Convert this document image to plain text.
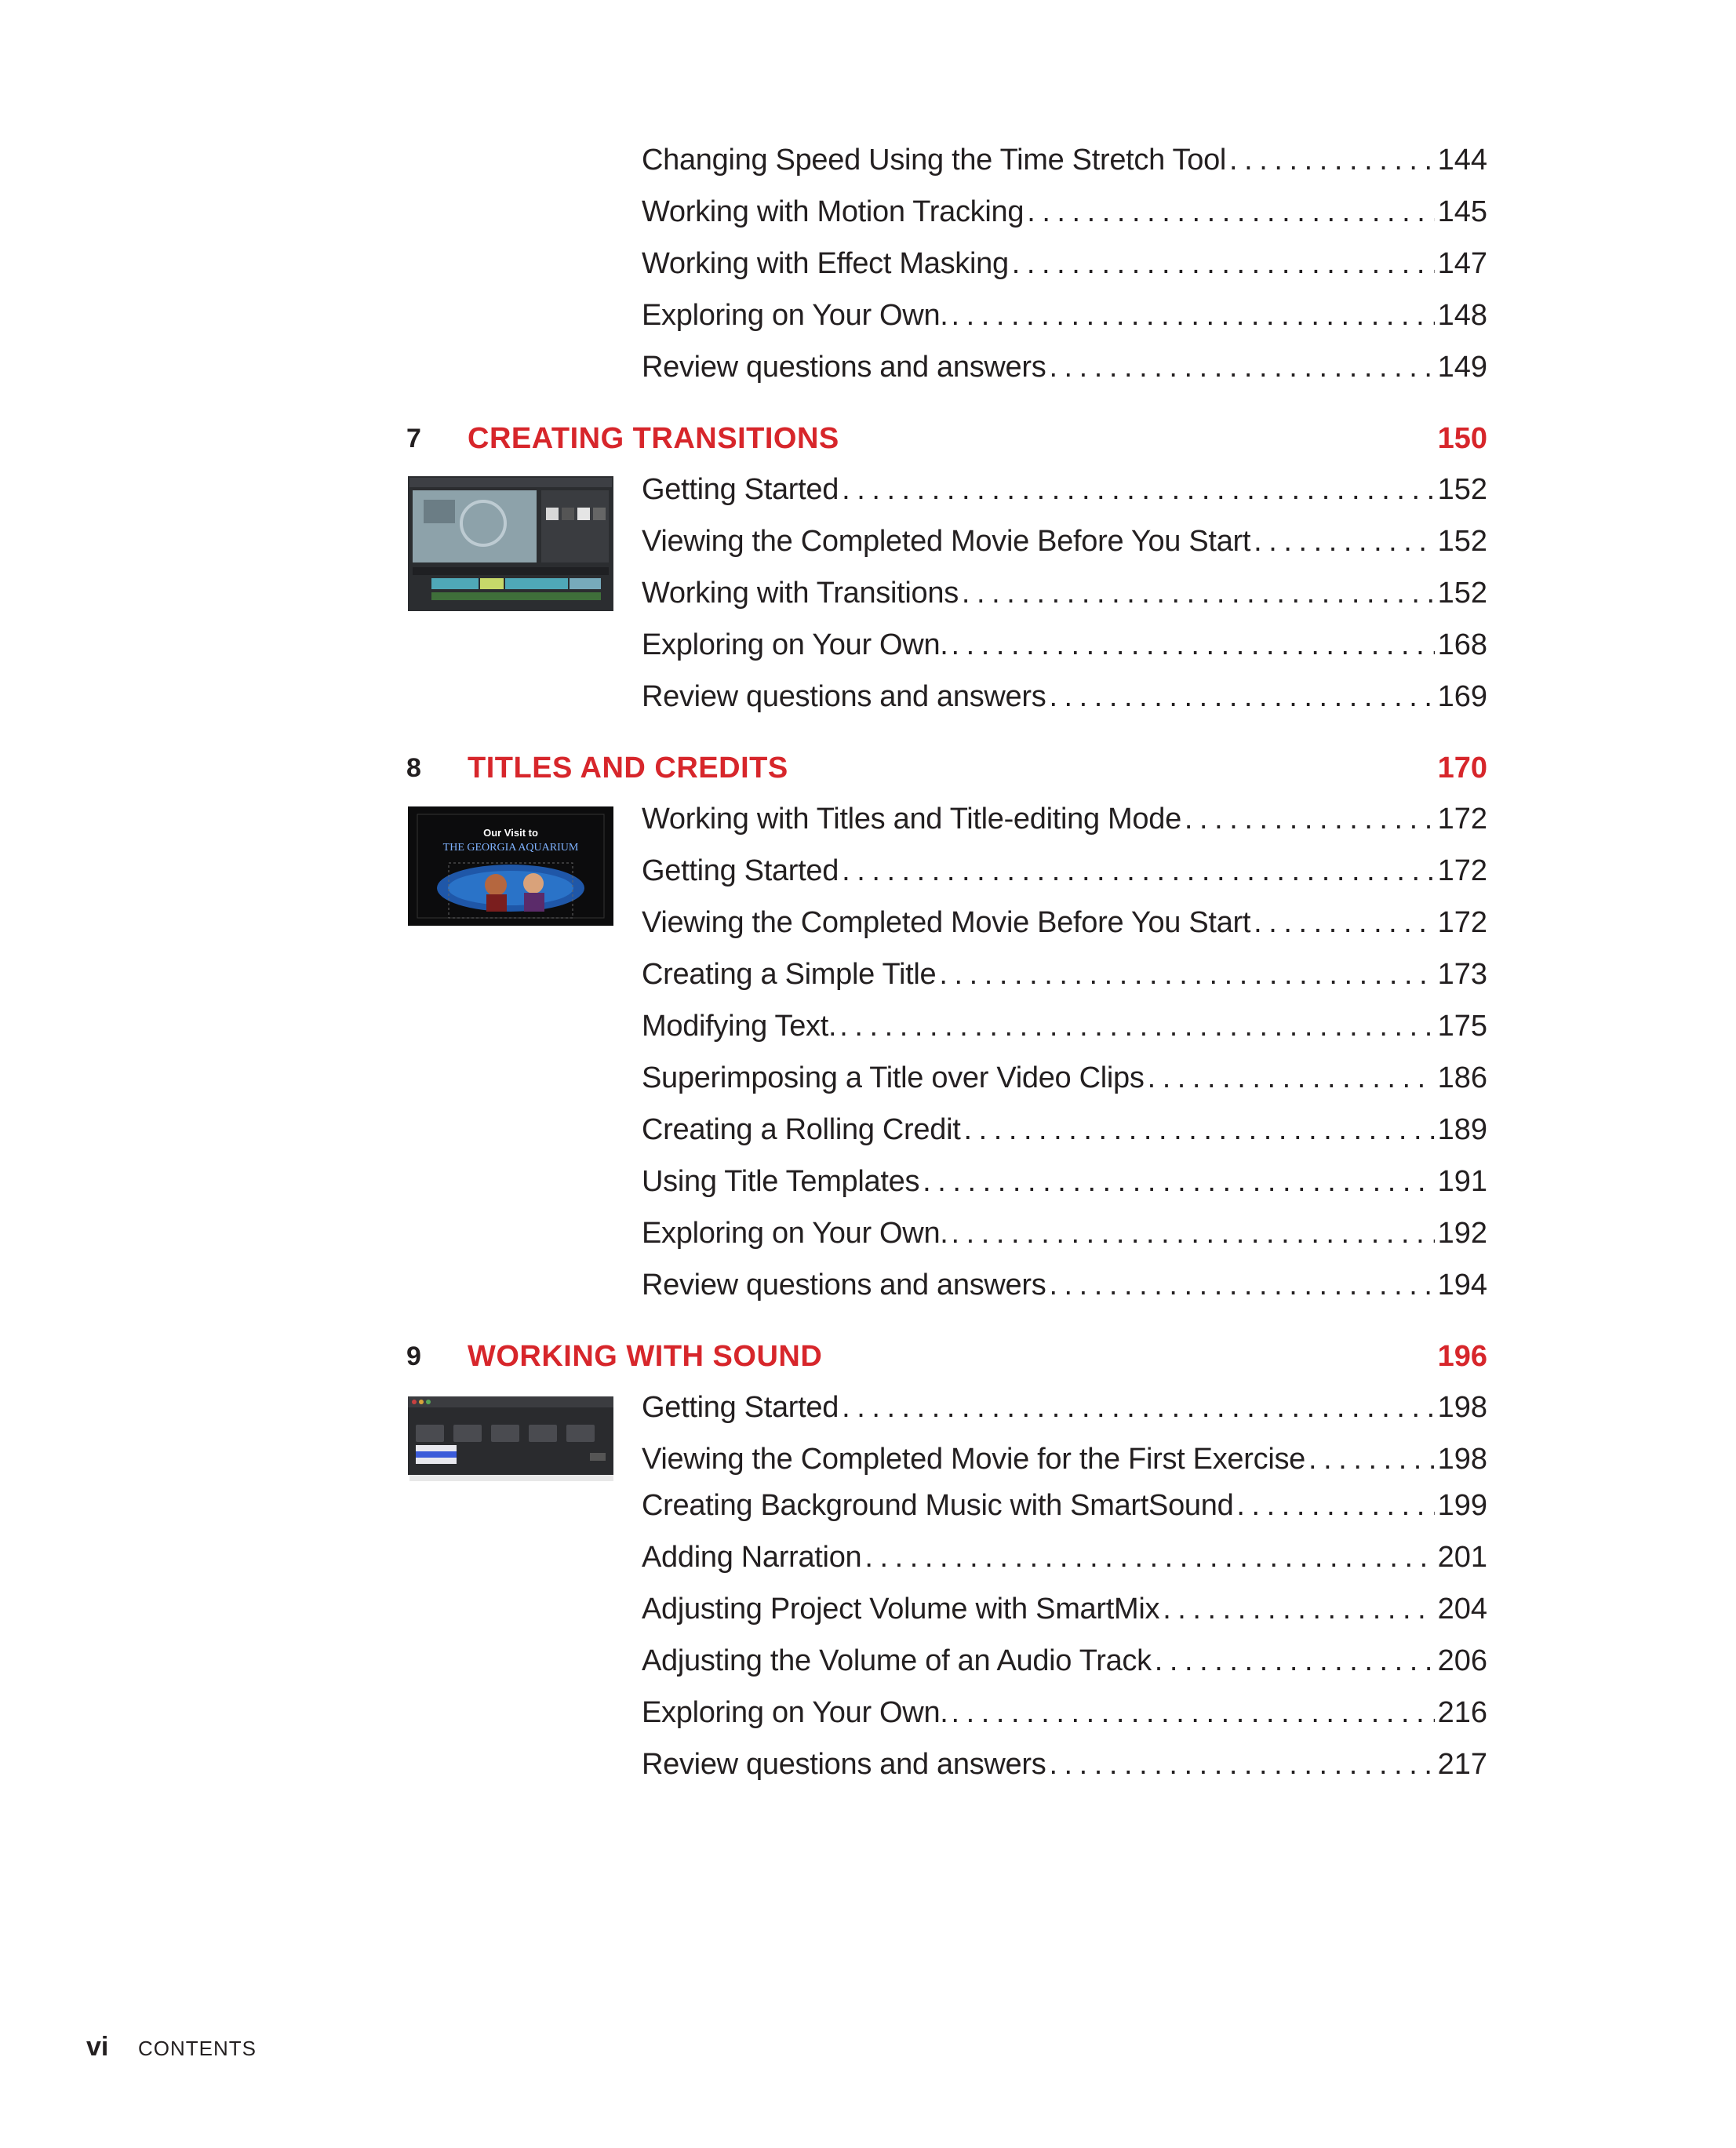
Changing Speed Using the Time Stretch Tool . . .	144
Working with Motion Tracking . . .	145
Working with Effect Masking . . .	147
Exploring on Your Own. . . .	148
Review questions and answers . . .	149
7 CREATING TRANSITIONS	150
Getting Started . . .	152
Viewing the Completed Movie Before You Start . . .	152
Working with Transitions . . .	152
Exploring on Your Own. . . .	168
Review questions and answers . . .	169
8 TITLES AND CREDITS	170
Our Visit to
THE GEORGIA AQUARIUM
Working with Titles and Title-editing Mode . . .	172
Getting Started . . .	172
Viewing the Completed Movie Before You Start . . .	172
Creating a Simple Title . . .	173
Modifying Text. . . .	175
Superimposing a Title over Video Clips . . .	186
Creating a Rolling Credit . . .	189
Using Title Templates . . .	191
Exploring on Your Own. . . .	192
Review questions and answers . . .	194
9 WORKING WITH SOUND	196
Getting Started . . .	198
Viewing the Completed Movie for the First Exercise . . .	198
Creating Background Music with SmartSound . . .	199
Adding Narration . . .	201
Adjusting Project Volume with SmartMix . . .	204
Adjusting the Volume of an Audio Track . . .	206
Exploring on Your Own. . . .	216
Review questions and answers . . .	217
vi CONTENTS
